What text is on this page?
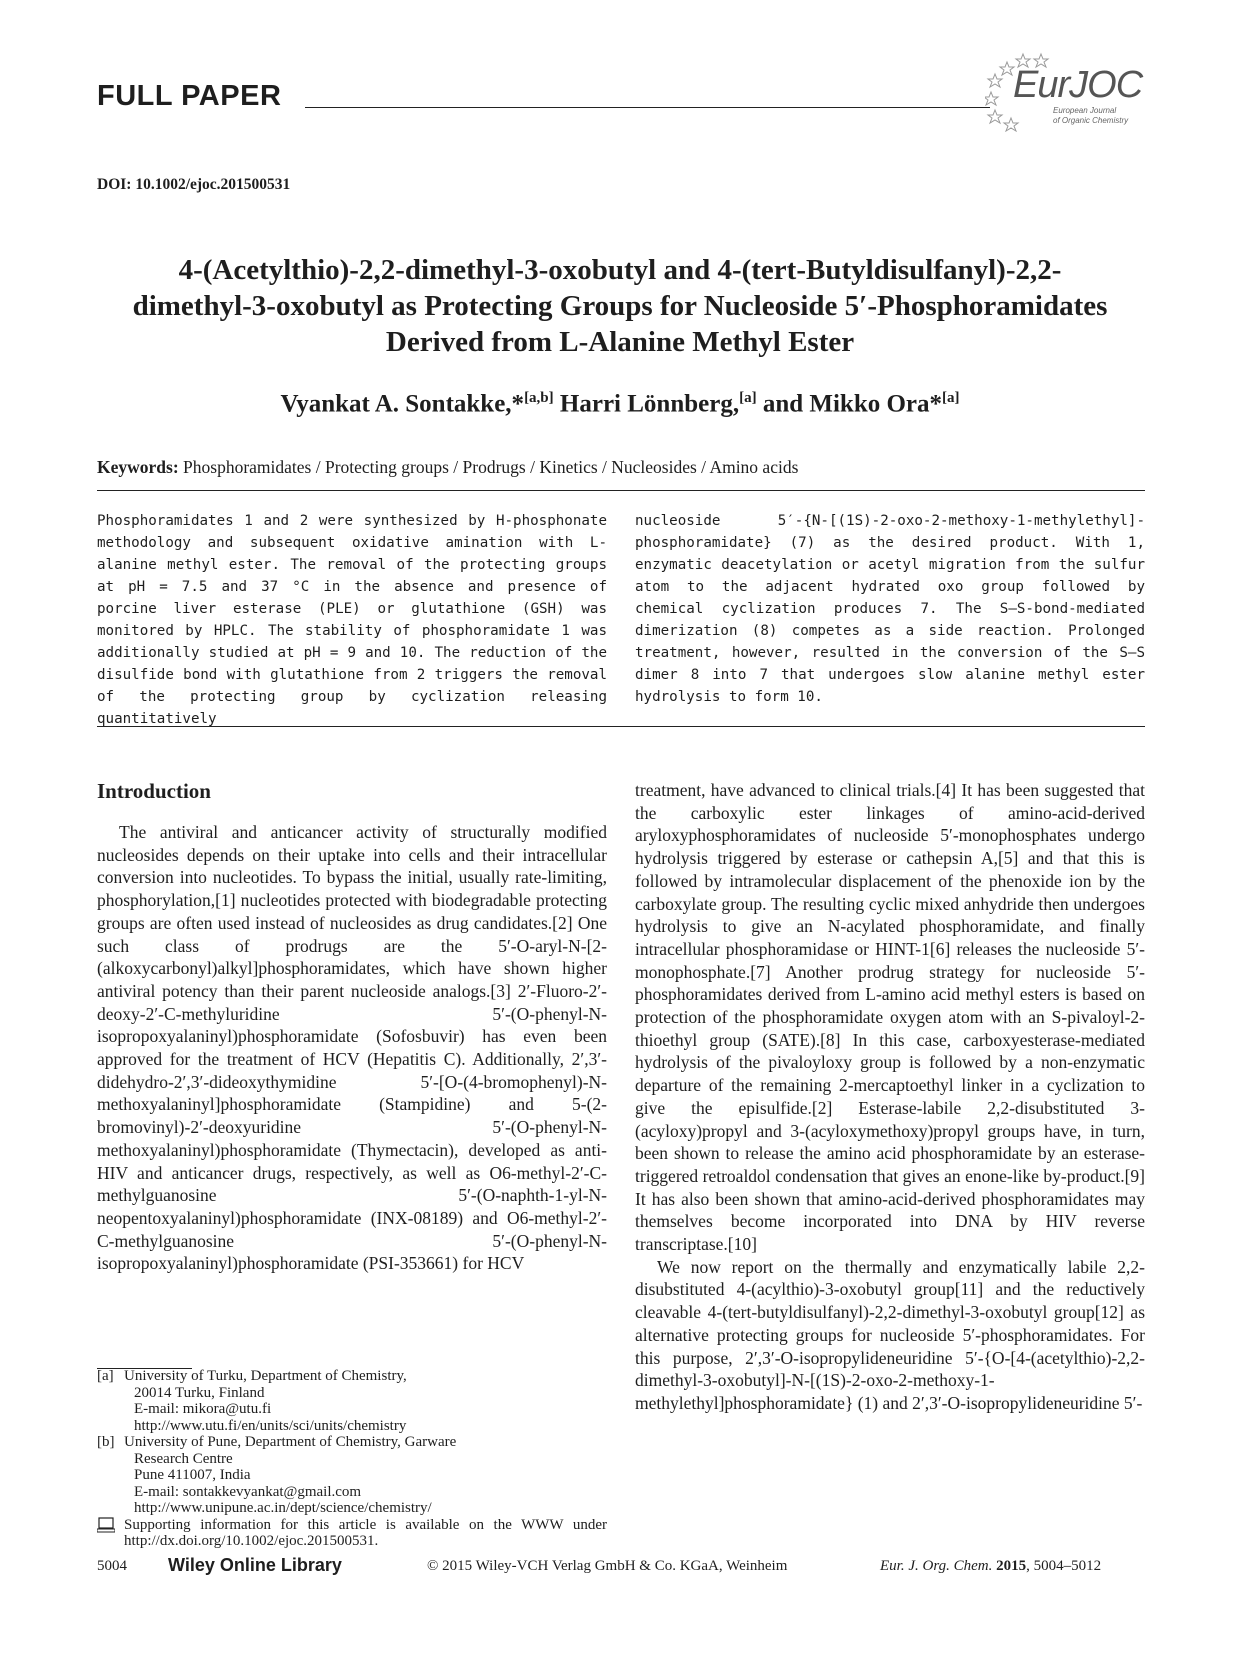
FULL PAPER	EurJOC
European Journal
of Organic Chemistry
DOI: 10.1002/ejoc.201500531
4-(Acetylthio)-2,2-dimethyl-3-oxobutyl and 4-(tert-Butyldisulfanyl)-2,2-
dimethyl-3-oxobutyl as Protecting Groups for Nucleoside 5′-Phosphoramidates
Derived from L-Alanine Methyl Ester
Vyankat A. Sontakke,*[a,b] Harri Lönnberg,[a] and Mikko Ora*[a]
Keywords: Phosphoramidates / Protecting groups / Prodrugs / Kinetics / Nucleosides / Amino acids
Phosphoramidates 1 and 2 were synthesized by H-phosphonate methodology and subsequent oxidative amination with L-alanine methyl ester. The removal of the protecting groups at pH = 7.5 and 37 °C in the absence and presence of porcine liver esterase (PLE) or glutathione (GSH) was monitored by HPLC. The stability of phosphoramidate 1 was additionally studied at pH = 9 and 10. The reduction of the disulfide bond with glutathione from 2 triggers the removal of the protecting group by cyclization releasing quantitatively
nucleoside 5′-{N-[(1S)-2-oxo-2-methoxy-1-methylethyl]-phosphoramidate} (7) as the desired product. With 1, enzymatic deacetylation or acetyl migration from the sulfur atom to the adjacent hydrated oxo group followed by chemical cyclization produces 7. The S–S-bond-mediated dimerization (8) competes as a side reaction. Prolonged treatment, however, resulted in the conversion of the S–S dimer 8 into 7 that undergoes slow alanine methyl ester hydrolysis to form 10.
Introduction

The antiviral and anticancer activity of structurally modified nucleosides depends on their uptake into cells and their intracellular conversion into nucleotides. To bypass the initial, usually rate-limiting, phosphorylation,[1] nucleotides protected with biodegradable protecting groups are often used instead of nucleosides as drug candidates.[2] One such class of prodrugs are the 5′-O-aryl-N-[2-(alkoxycarbonyl)alkyl]phosphoramidates, which have shown higher antiviral potency than their parent nucleoside analogs.[3] 2′-Fluoro-2′-deoxy-2′-C-methyluridine 5′-(O-phenyl-N-isopropoxyalaninyl)phosphoramidate (Sofosbuvir) has even been approved for the treatment of HCV (Hepatitis C). Additionally, 2′,3′-didehydro-2′,3′-dideoxythymidine 5′-[O-(4-bromophenyl)-N-methoxyalaninyl]phosphoramidate (Stampidine) and 5-(2-bromovinyl)-2′-deoxyuridine 5′-(O-phenyl-N-methoxyalaninyl)phosphoramidate (Thymectacin), developed as anti-HIV and anticancer drugs, respectively, as well as O6-methyl-2′-C-methylguanosine 5′-(O-naphth-1-yl-N-neopentoxyalaninyl)phosphoramidate (INX-08189) and O6-methyl-2′-C-methylguanosine 5′-(O-phenyl-N-isopropoxyalaninyl)phosphoramidate (PSI-353661) for HCV

treatment, have advanced to clinical trials.[4] It has been suggested that the carboxylic ester linkages of amino-acid-derived aryloxyphosphoramidates of nucleoside 5′-monophosphates undergo hydrolysis triggered by esterase or cathepsin A,[5] and that this is followed by intramolecular displacement of the phenoxide ion by the carboxylate group. The resulting cyclic mixed anhydride then undergoes hydrolysis to give an N-acylated phosphoramidate, and finally intracellular phosphoramidase or HINT-1[6] releases the nucleoside 5′-monophosphate.[7] Another prodrug strategy for nucleoside 5′-phosphoramidates derived from L-amino acid methyl esters is based on protection of the phosphoramidate oxygen atom with an S-pivaloyl-2-thioethyl group (SATE).[8] In this case, carboxyesterase-mediated hydrolysis of the pivaloyloxy group is followed by a non-enzymatic departure of the remaining 2-mercaptoethyl linker in a cyclization to give the episulfide.[2] Esterase-labile 2,2-disubstituted 3-(acyloxy)propyl and 3-(acyloxymethoxy)propyl groups have, in turn, been shown to release the amino acid phosphoramidate by an esterase-triggered retroaldol condensation that gives an enone-like by-product.[9] It has also been shown that amino-acid-derived phosphoramidates may themselves become incorporated into DNA by HIV reverse transcriptase.[10]

We now report on the thermally and enzymatically labile 2,2-disubstituted 4-(acylthio)-3-oxobutyl group[11] and the reductively cleavable 4-(tert-butyldisulfanyl)-2,2-dimethyl-3-oxobutyl group[12] as alternative protecting groups for nucleoside 5′-phosphoramidates. For this purpose, 2′,3′-O-isopropylideneuridine 5′-{O-[4-(acetylthio)-2,2-dimethyl-3-oxobutyl]-N-[(1S)-2-oxo-2-methoxy-1-methylethyl]phosphoramidate} (1) and 2′,3′-O-isopropylideneuridine 5′-

[a] University of Turku, Department of Chemistry,
20014 Turku, Finland
E-mail: mikora@utu.fi
http://www.utu.fi/en/units/sci/units/chemistry
[b] University of Pune, Department of Chemistry, Garware
Research Centre
Pune 411007, India
E-mail: sontakkevyankat@gmail.com
http://www.unipune.ac.in/dept/science/chemistry/
Supporting information for this article is available on the WWW under http://dx.doi.org/10.1002/ejoc.201500531.
5004 Wiley Online Library	© 2015 Wiley-VCH Verlag GmbH & Co. KGaA, Weinheim	Eur. J. Org. Chem. 2015, 5004–5012
